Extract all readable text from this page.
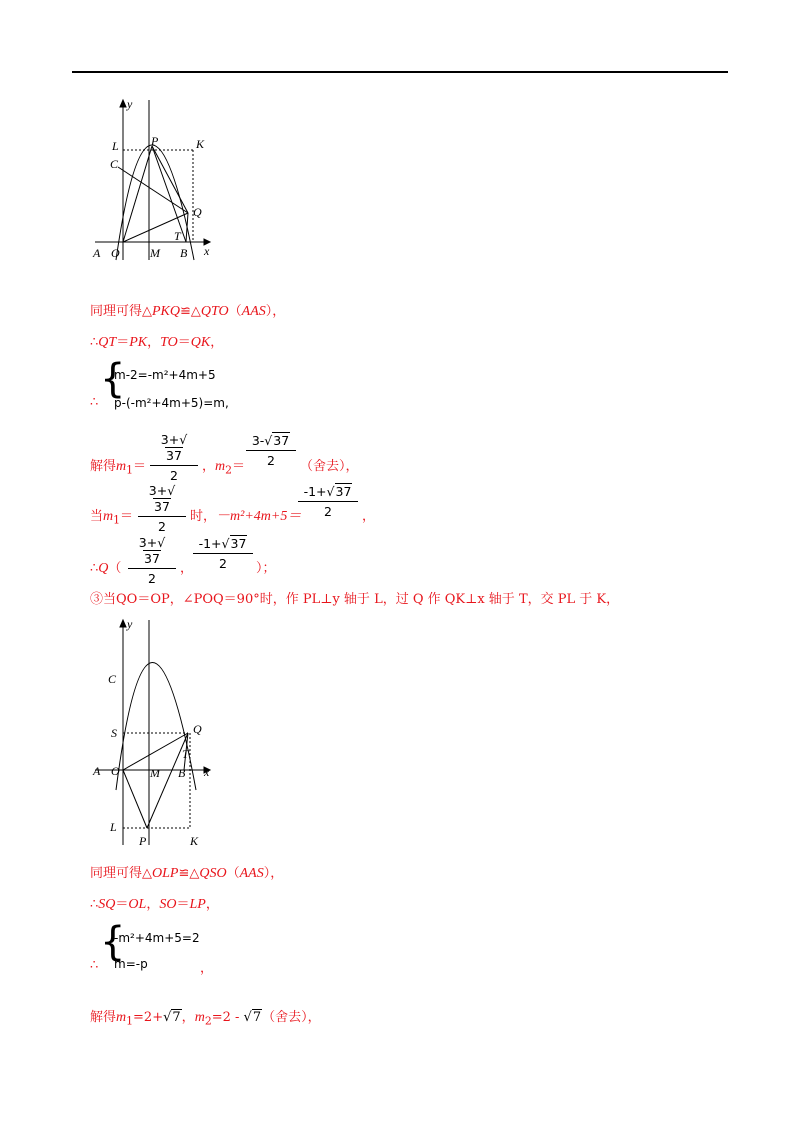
y
x
L	P	K
C
Q
T
A O	M B
同理可得△PKQ≌△QTO（AAS），
∴QT＝PK，TO＝QK，
∴
{
m-2=-m²+4m+5
p-(-m²+4m+5)=m,
解得$m_1=$
3+√37
2
，$m_2=$
3-√37
2	（舍去），
当$m_1=$
3+√37
2
时，－m²+4m+5＝
-1+√37
2	，
∴Q（
3+√37
2
，
-1+√37
2	）；
③当QO＝OP，∠POQ＝90°时，作 PL⊥y 轴于 L，过 Q 作 QK⊥x 轴于 T，交 PL 于 K，
y
x
C
Q
S
T
A O	M B
L
P	K
同理可得△OLP≌△QSO（AAS），
∴SQ＝OL，SO＝LP，
∴
{
-m²+4m+5=2
m=-p	，
解得$m_1=2+√7$，$m_2=2 - √7$（舍去），
